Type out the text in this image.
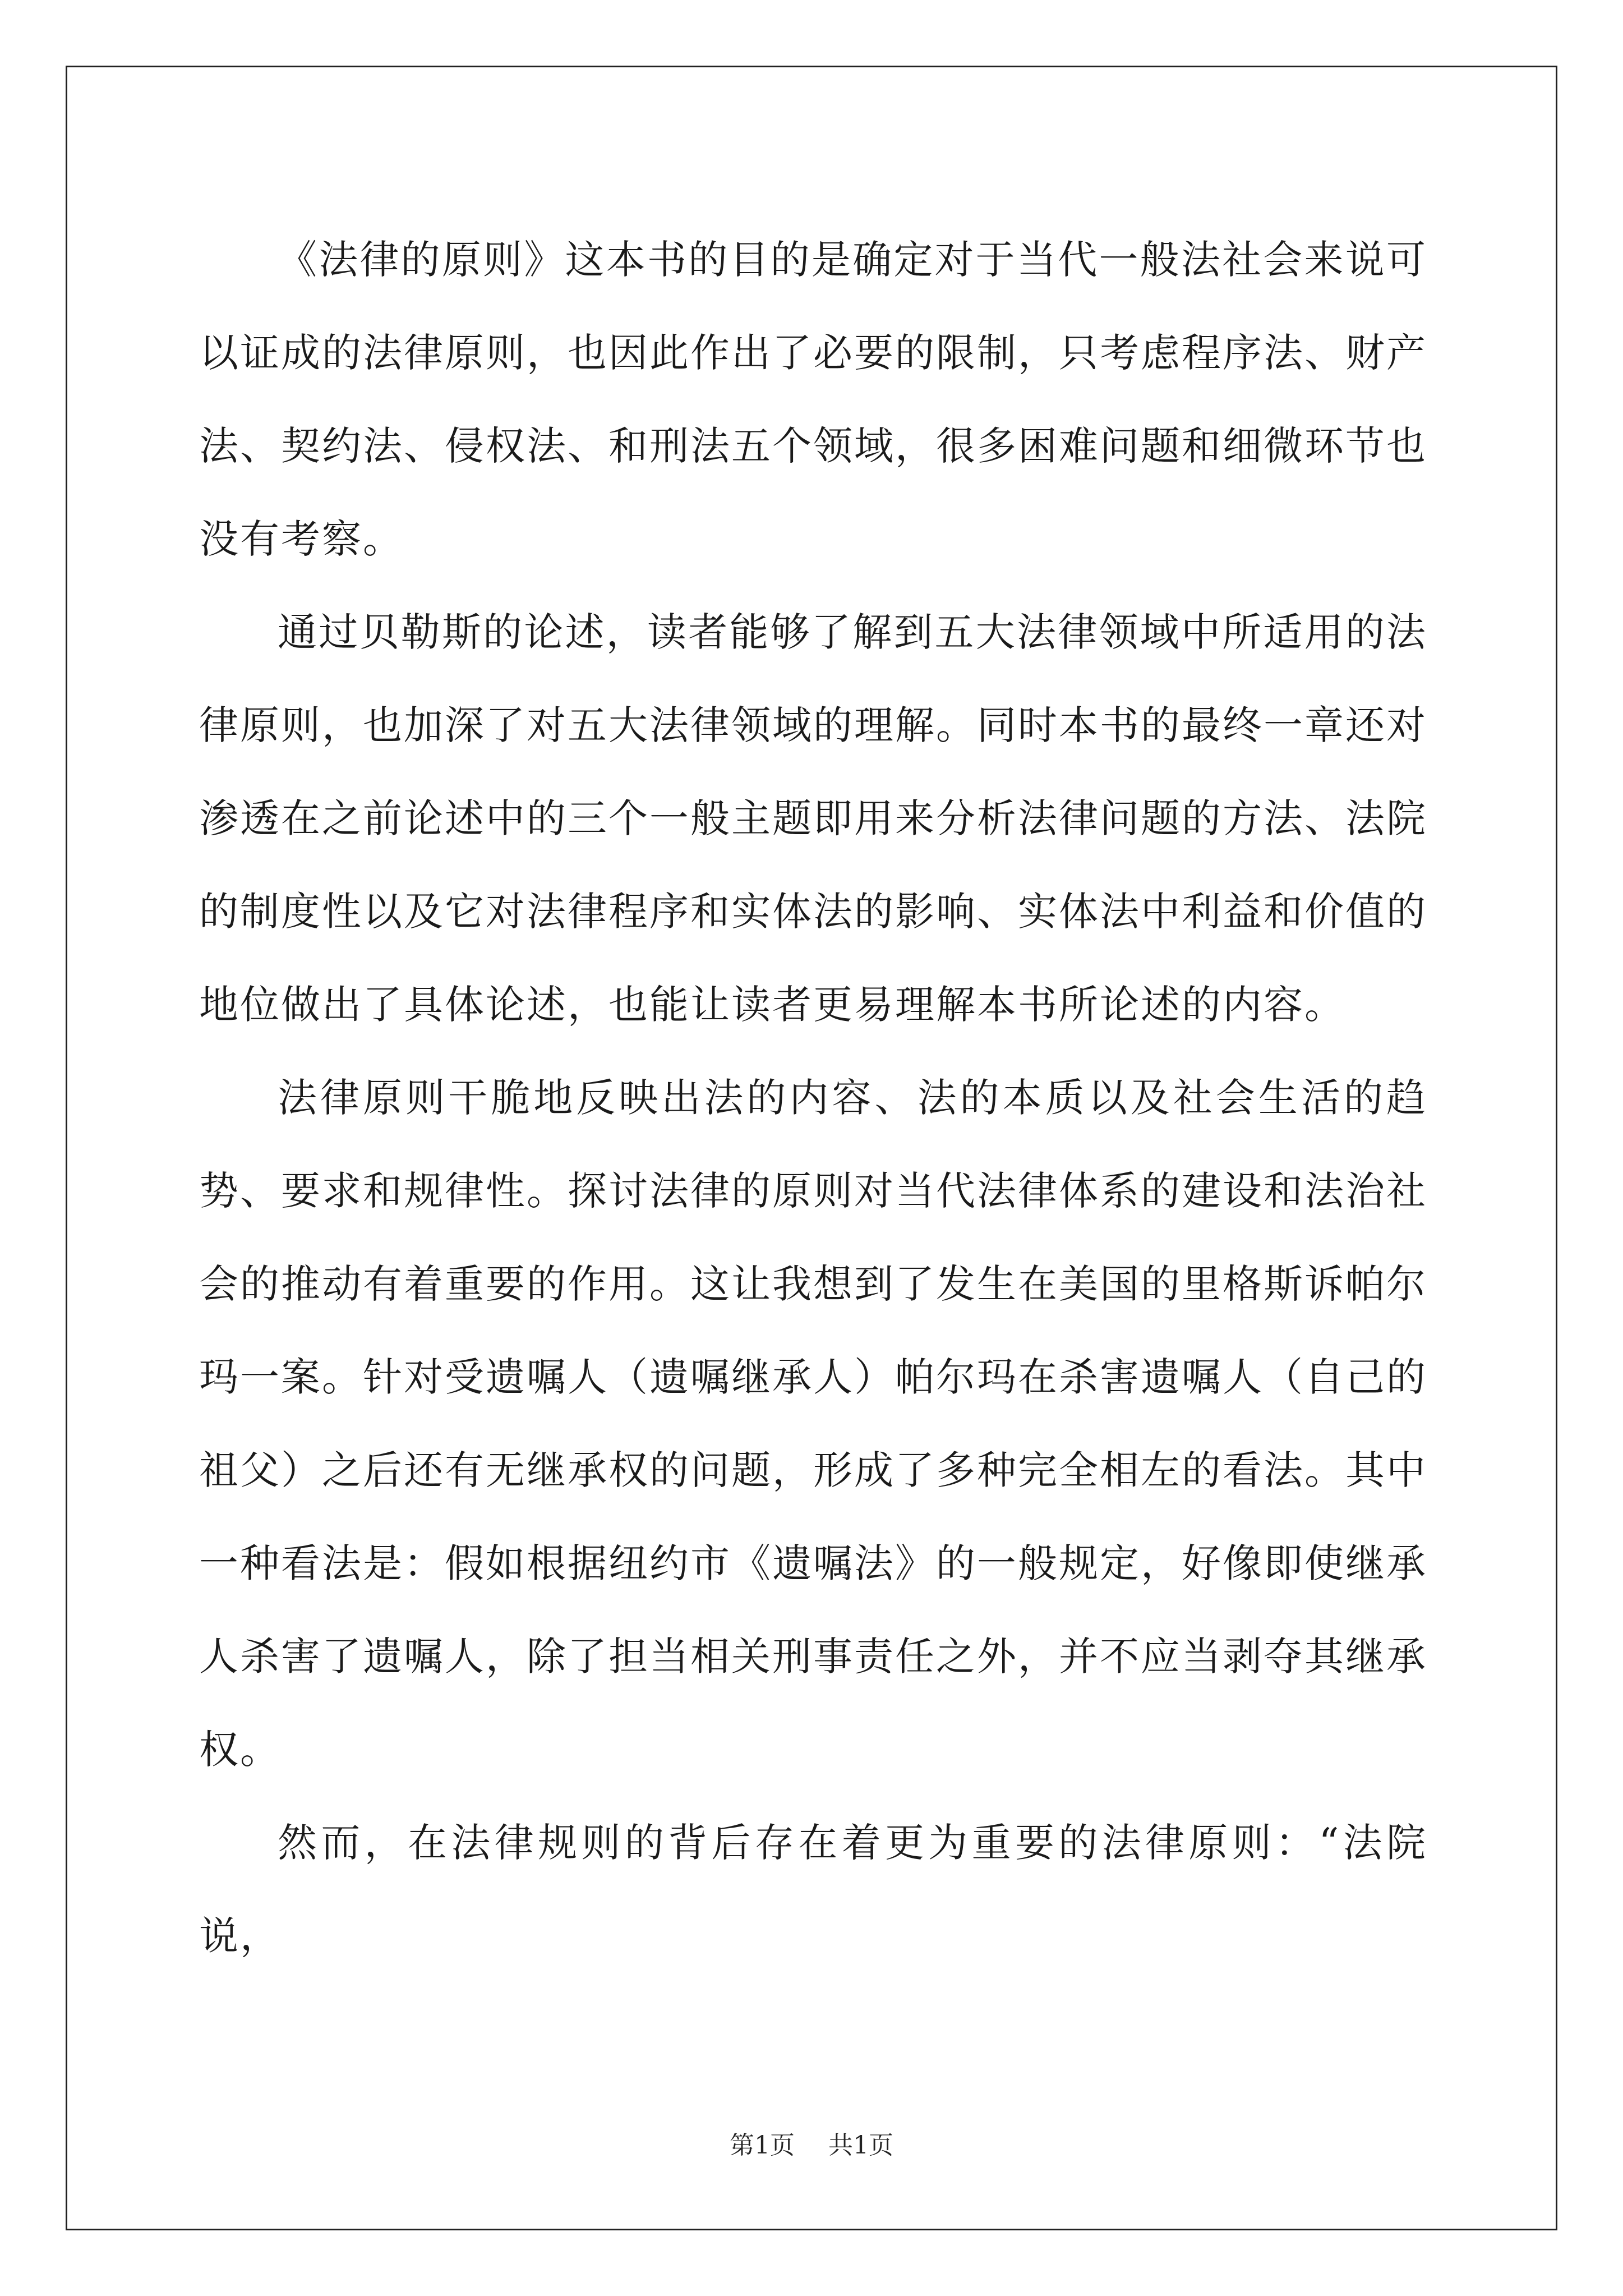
《法律的原则》这本书的目的是确定对于当代一般法社会来说可以证成的法律原则，也因此作出了必要的限制，只考虑程序法、财产法、契约法、侵权法、和刑法五个领域，很多困难问题和细微环节也没有考察。

通过贝勒斯的论述，读者能够了解到五大法律领域中所适用的法律原则，也加深了对五大法律领域的理解。同时本书的最终一章还对渗透在之前论述中的三个一般主题即用来分析法律问题的方法、法院的制度性以及它对法律程序和实体法的影响、实体法中利益和价值的地位做出了具体论述，也能让读者更易理解本书所论述的内容。

法律原则干脆地反映出法的内容、法的本质以及社会生活的趋势、要求和规律性。探讨法律的原则对当代法律体系的建设和法治社会的推动有着重要的作用。这让我想到了发生在美国的里格斯诉帕尔玛一案。针对受遗嘱人（遗嘱继承人）帕尔玛在杀害遗嘱人（自己的祖父）之后还有无继承权的问题，形成了多种完全相左的看法。其中一种看法是：假如根据纽约市《遗嘱法》的一般规定，好像即使继承人杀害了遗嘱人，除了担当相关刑事责任之外，并不应当剥夺其继承权。

然而，在法律规则的背后存在着更为重要的法律原则：“法院说，

第1页 共1页
